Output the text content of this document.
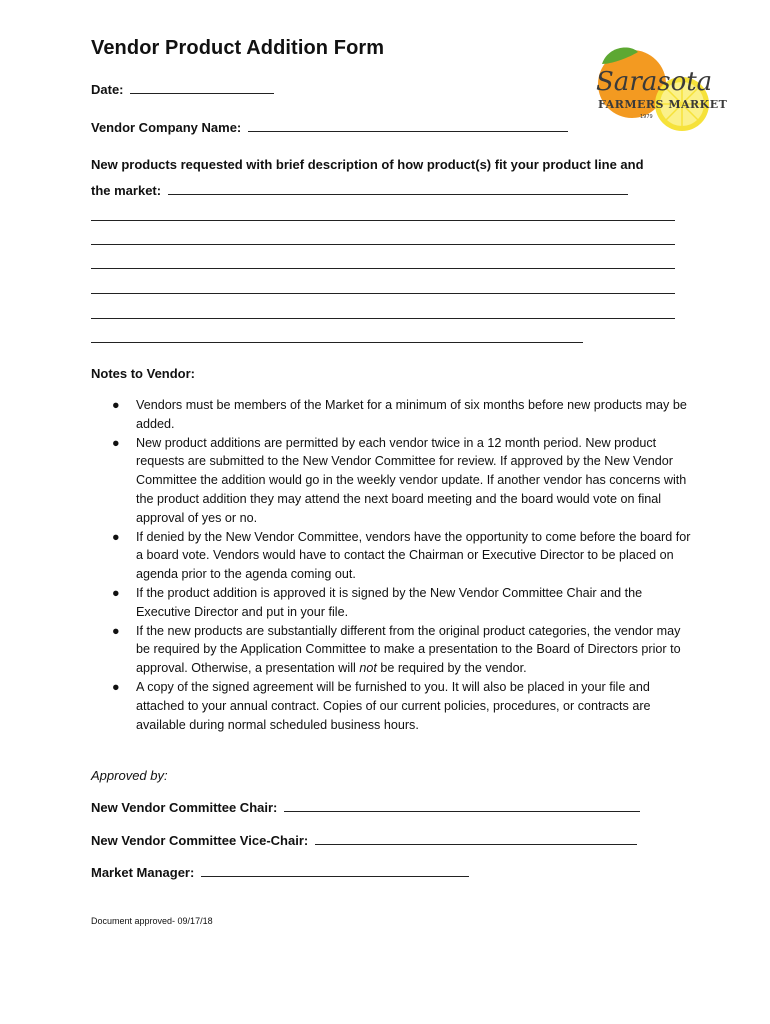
Vendor Product Addition Form
Sarasota
FARMERS MARKET
1979
Date:
Vendor Company Name:
New products requested with brief description of how product(s) fit your product line and
the market:
Notes to Vendor:
● Vendors must be members of the Market for a minimum of six months before new products may be added.
● New product additions are permitted by each vendor twice in a 12 month period. New product requests are submitted to the New Vendor Committee for review. If approved by the New Vendor Committee the addition would go in the weekly vendor update. If another vendor has concerns with the product addition they may attend the next board meeting and the board would vote on final approval of yes or no.
● If denied by the New Vendor Committee, vendors have the opportunity to come before the board for a board vote. Vendors would have to contact the Chairman or Executive Director to be placed on agenda prior to the agenda coming out.
● If the product addition is approved it is signed by the New Vendor Committee Chair and the Executive Director and put in your file.
● If the new products are substantially different from the original product categories, the vendor may be required by the Application Committee to make a presentation to the Board of Directors prior to approval. Otherwise, a presentation will not be required by the vendor.
● A copy of the signed agreement will be furnished to you. It will also be placed in your file and attached to your annual contract. Copies of our current policies, procedures, or contracts are available during normal scheduled business hours.
Approved by:
New Vendor Committee Chair:
New Vendor Committee Vice-Chair:
Market Manager:
Document approved- 09/17/18
